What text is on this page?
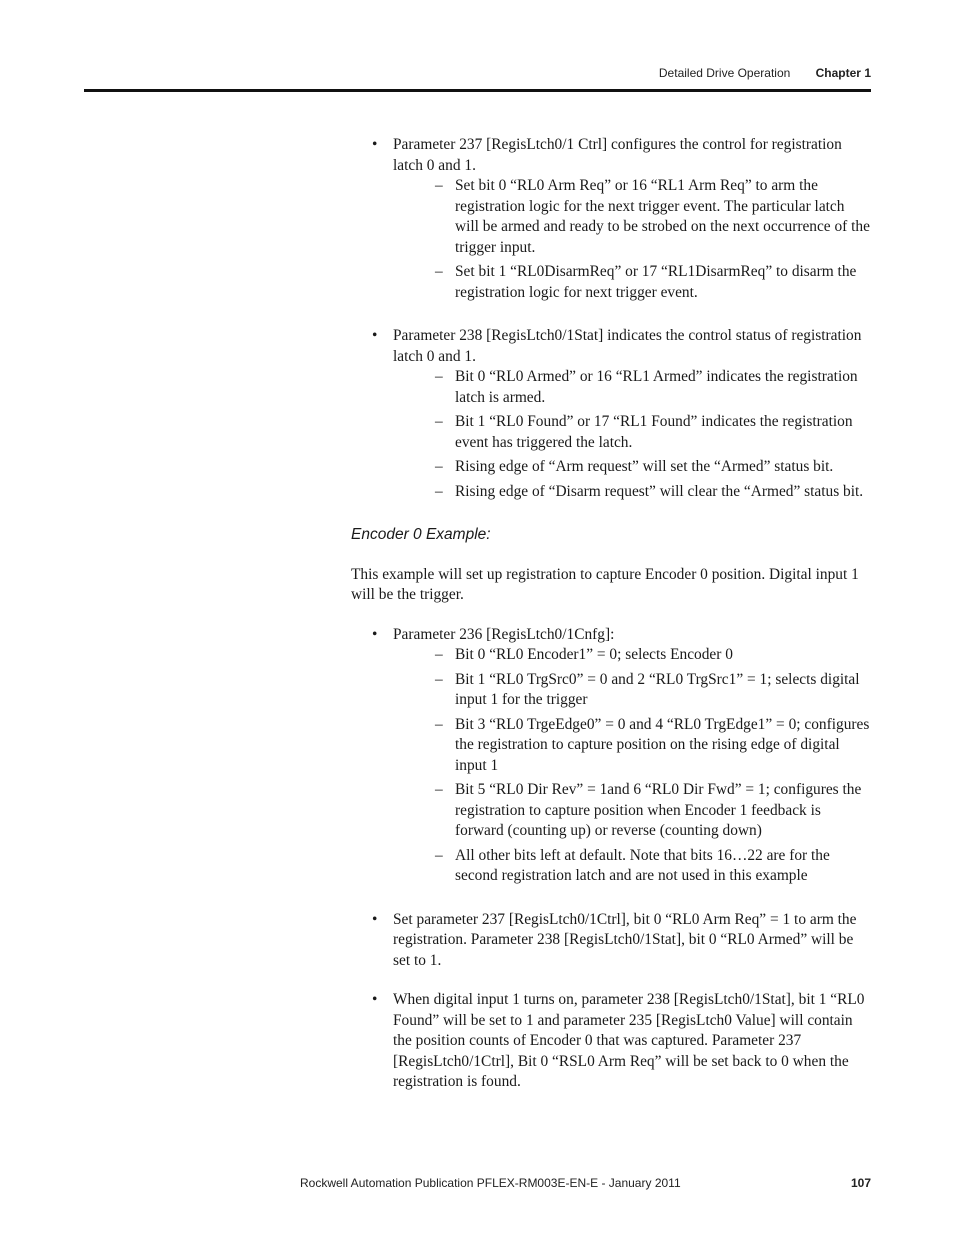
Detailed Drive Operation Chapter 1
• Parameter 237 [RegisLtch0/1 Ctrl] configures the control for registration latch 0 and 1.
– Set bit 0 “RL0 Arm Req” or 16 “RL1 Arm Req” to arm the registration logic for the next trigger event. The particular latch will be armed and ready to be strobed on the next occurrence of the trigger input.
– Set bit 1 “RL0DisarmReq” or 17 “RL1DisarmReq” to disarm the registration logic for next trigger event.
• Parameter 238 [RegisLtch0/1Stat] indicates the control status of registration latch 0 and 1.
– Bit 0 “RL0 Armed” or 16 “RL1 Armed” indicates the registration latch is armed.
– Bit 1 “RL0 Found” or 17 “RL1 Found” indicates the registration event has triggered the latch.
– Rising edge of “Arm request” will set the “Armed” status bit.
– Rising edge of “Disarm request” will clear the “Armed” status bit.

Encoder 0 Example:

This example will set up registration to capture Encoder 0 position. Digital input 1 will be the trigger.

• Parameter 236 [RegisLtch0/1Cnfg]:
– Bit 0 “RL0 Encoder1” = 0; selects Encoder 0
– Bit 1 “RL0 TrgSrc0” = 0 and 2 “RL0 TrgSrc1” = 1; selects digital input 1 for the trigger
– Bit 3 “RL0 TrgeEdge0” = 0 and 4 “RL0 TrgEdge1” = 0; configures the registration to capture position on the rising edge of digital input 1
– Bit 5 “RL0 Dir Rev” = 1and 6 “RL0 Dir Fwd” = 1; configures the registration to capture position when Encoder 1 feedback is forward (counting up) or reverse (counting down)
– All other bits left at default. Note that bits 16…22 are for the second registration latch and are not used in this example
• Set parameter 237 [RegisLtch0/1Ctrl], bit 0 “RL0 Arm Req” = 1 to arm the registration. Parameter 238 [RegisLtch0/1Stat], bit 0 “RL0 Armed” will be set to 1.
• When digital input 1 turns on, parameter 238 [RegisLtch0/1Stat], bit 1 “RL0 Found” will be set to 1 and parameter 235 [RegisLtch0 Value] will contain the position counts of Encoder 0 that was captured. Parameter 237 [RegisLtch0/1Ctrl], Bit 0 “RSL0 Arm Req” will be set back to 0 when the registration is found.
Rockwell Automation Publication PFLEX-RM003E-EN-E - January 2011	107
